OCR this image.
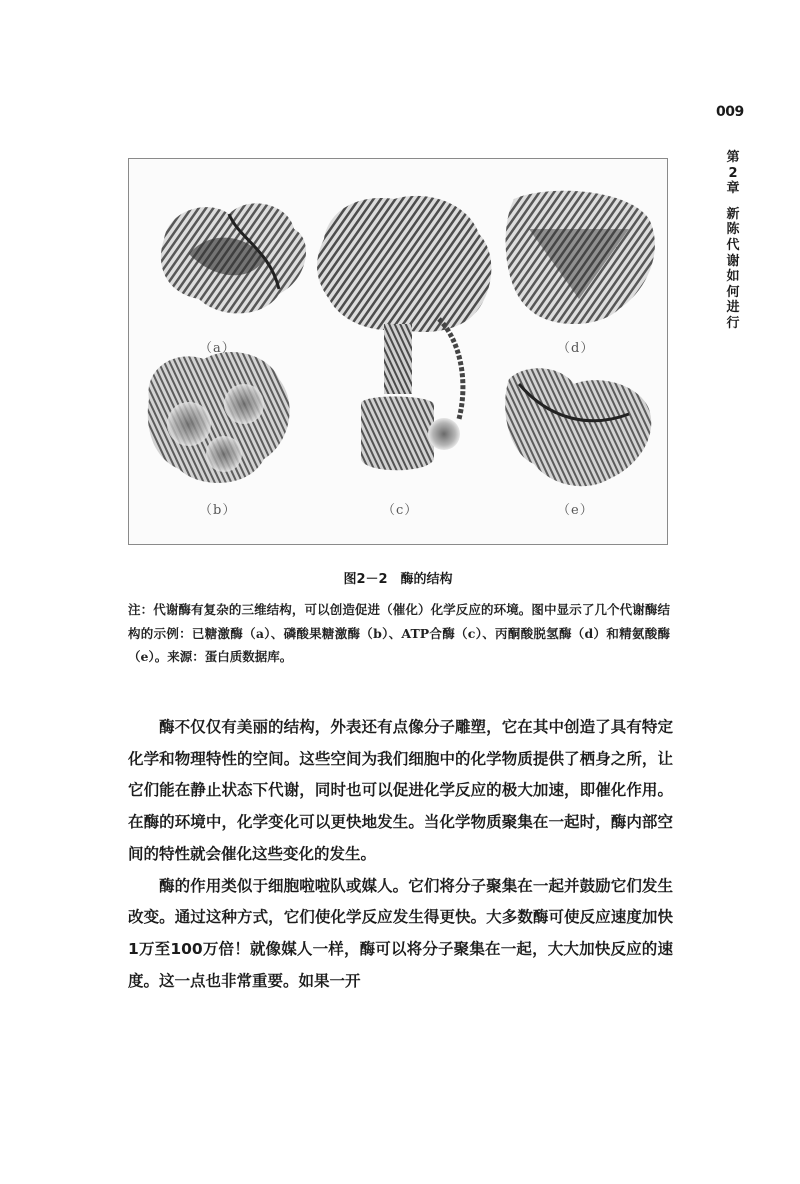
009
第2章
新陈代谢如何进行
（a）
（b）	（c）
（d）
（e）
图2－2　酶的结构
注：代谢酶有复杂的三维结构，可以创造促进（催化）化学反应的环境。图中显示了几个代谢酶结构的示例：已糖激酶（a）、磷酸果糖激酶（b）、ATP合酶（c）、丙酮酸脱氢酶（d）和精氨酸酶（e）。来源：蛋白质数据库。

酶不仅仅有美丽的结构，外表还有点像分子雕塑，它在其中创造了具有特定化学和物理特性的空间。这些空间为我们细胞中的化学物质提供了栖身之所，让它们能在静止状态下代谢，同时也可以促进化学反应的极大加速，即催化作用。在酶的环境中，化学变化可以更快地发生。当化学物质聚集在一起时，酶内部空间的特性就会催化这些变化的发生。

酶的作用类似于细胞啦啦队或媒人。它们将分子聚集在一起并鼓励它们发生改变。通过这种方式，它们使化学反应发生得更快。大多数酶可使反应速度加快1万至100万倍！就像媒人一样，酶可以将分子聚集在一起，大大加快反应的速度。这一点也非常重要。如果一开
